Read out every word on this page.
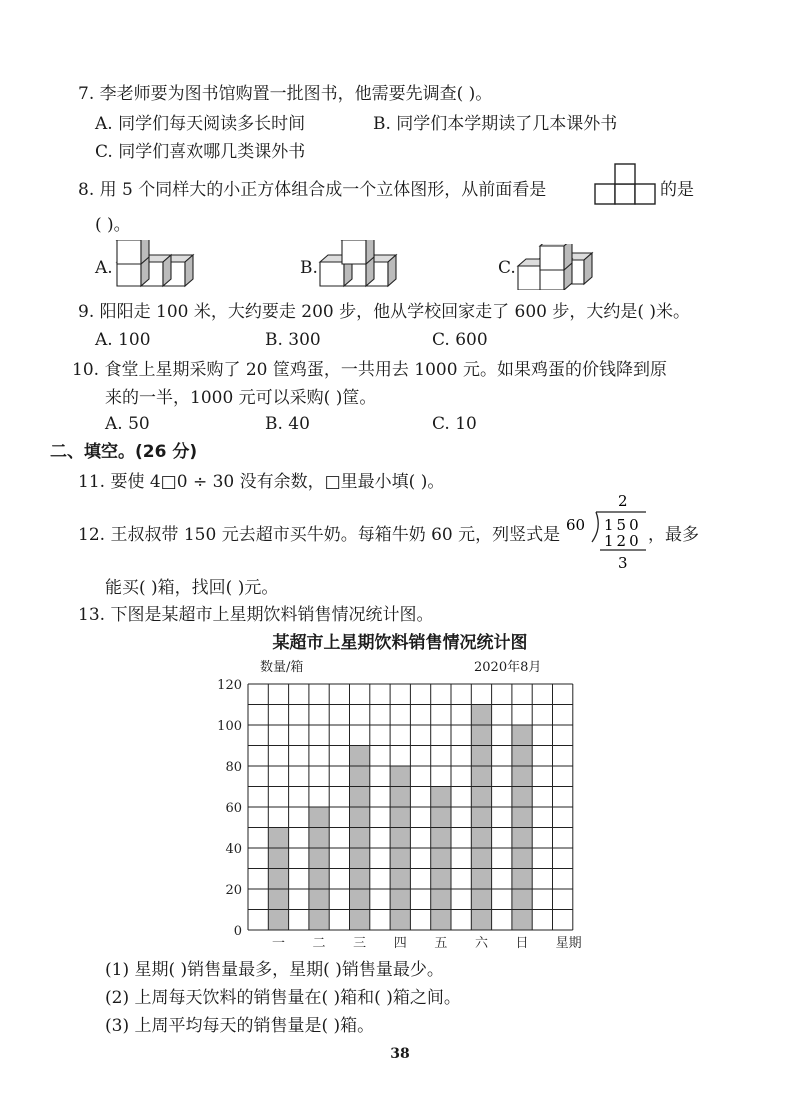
7. 李老师要为图书馆购置一批图书，他需要先调查( )。
A. 同学们每天阅读多长时间	B. 同学们本学期读了几本课外书
C. 同学们喜欢哪几类课外书
8. 用 5 个同样大的小正方体组合成一个立体图形，从前面看是	的是
( )。
A.	B.	C.
9. 阳阳走 100 米，大约要走 200 步，他从学校回家走了 600 步，大约是( )米。
A. 100	B. 300	C. 600
10. 食堂上星期采购了 20 筐鸡蛋，一共用去 1000 元。如果鸡蛋的价钱降到原
来的一半，1000 元可以采购( )筐。
A. 50	B. 40	C. 10
二、填空。(26 分)
11. 要使 4□0 ÷ 30 没有余数，□里最小填( )。
12. 王叔叔带 150 元去超市买牛奶。每箱牛奶 60 元，列竖式是
2
60 150
120
3
，最多
能买( )箱，找回( )元。
13. 下图是某超市上星期饮料销售情况统计图。
某超市上星期饮料销售情况统计图
数量/箱	2020年8月
0
20
40
60
80
100
120
一 二 三 四 五 六 日 星期
(1) 星期( )销售量最多，星期( )销售量最少。
(2) 上周每天饮料的销售量在( )箱和( )箱之间。
(3) 上周平均每天的销售量是( )箱。
38
